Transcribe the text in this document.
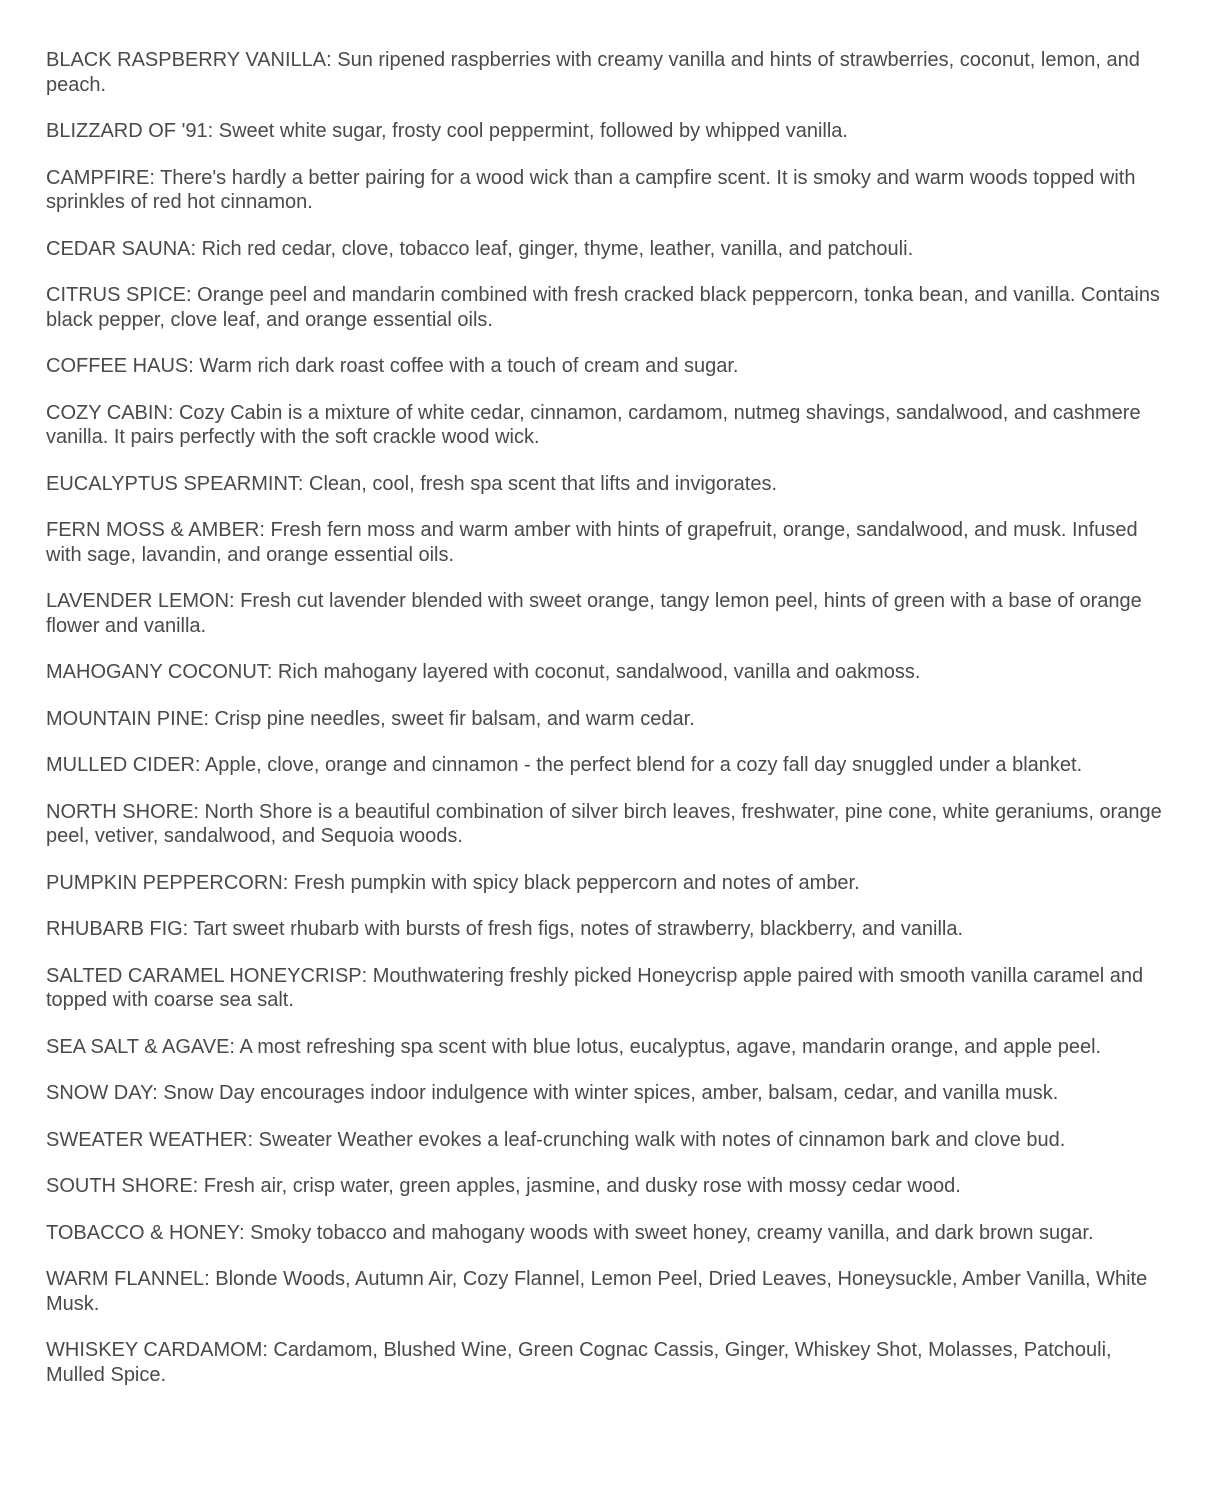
BLACK RASPBERRY VANILLA: Sun ripened raspberries with creamy vanilla and hints of strawberries, coconut, lemon, and peach.

BLIZZARD OF '91: Sweet white sugar, frosty cool peppermint, followed by whipped vanilla.

CAMPFIRE: There's hardly a better pairing for a wood wick than a campfire scent. It is smoky and warm woods topped with sprinkles of red hot cinnamon.

CEDAR SAUNA: Rich red cedar, clove, tobacco leaf, ginger, thyme, leather, vanilla, and patchouli.

CITRUS SPICE: Orange peel and mandarin combined with fresh cracked black peppercorn, tonka bean, and vanilla. Contains black pepper, clove leaf, and orange essential oils.

COFFEE HAUS: Warm rich dark roast coffee with a touch of cream and sugar.

COZY CABIN: Cozy Cabin is a mixture of white cedar, cinnamon, cardamom, nutmeg shavings, sandalwood, and cashmere vanilla. It pairs perfectly with the soft crackle wood wick.

EUCALYPTUS SPEARMINT: Clean, cool, fresh spa scent that lifts and invigorates.

FERN MOSS & AMBER: Fresh fern moss and warm amber with hints of grapefruit, orange, sandalwood, and musk. Infused with sage, lavandin, and orange essential oils.

LAVENDER LEMON: Fresh cut lavender blended with sweet orange, tangy lemon peel, hints of green with a base of orange flower and vanilla.

MAHOGANY COCONUT: Rich mahogany layered with coconut, sandalwood, vanilla and oakmoss.

MOUNTAIN PINE: Crisp pine needles, sweet fir balsam, and warm cedar.

MULLED CIDER: Apple, clove, orange and cinnamon - the perfect blend for a cozy fall day snuggled under a blanket.

NORTH SHORE: North Shore is a beautiful combination of silver birch leaves, freshwater, pine cone, white geraniums, orange peel, vetiver, sandalwood, and Sequoia woods.

PUMPKIN PEPPERCORN: Fresh pumpkin with spicy black peppercorn and notes of amber.

RHUBARB FIG: Tart sweet rhubarb with bursts of fresh figs, notes of strawberry, blackberry, and vanilla.

SALTED CARAMEL HONEYCRISP: Mouthwatering freshly picked Honeycrisp apple paired with smooth vanilla caramel and topped with coarse sea salt.

SEA SALT & AGAVE: A most refreshing spa scent with blue lotus, eucalyptus, agave, mandarin orange, and apple peel.

SNOW DAY: Snow Day encourages indoor indulgence with winter spices, amber, balsam, cedar, and vanilla musk.

SWEATER WEATHER: Sweater Weather evokes a leaf-crunching walk with notes of cinnamon bark and clove bud.

SOUTH SHORE: Fresh air, crisp water, green apples, jasmine, and dusky rose with mossy cedar wood.

TOBACCO & HONEY: Smoky tobacco and mahogany woods with sweet honey, creamy vanilla, and dark brown sugar.

WARM FLANNEL: Blonde Woods, Autumn Air, Cozy Flannel, Lemon Peel, Dried Leaves, Honeysuckle, Amber Vanilla, White Musk.

WHISKEY CARDAMOM: Cardamom, Blushed Wine, Green Cognac Cassis, Ginger, Whiskey Shot, Molasses, Patchouli, Mulled Spice.
